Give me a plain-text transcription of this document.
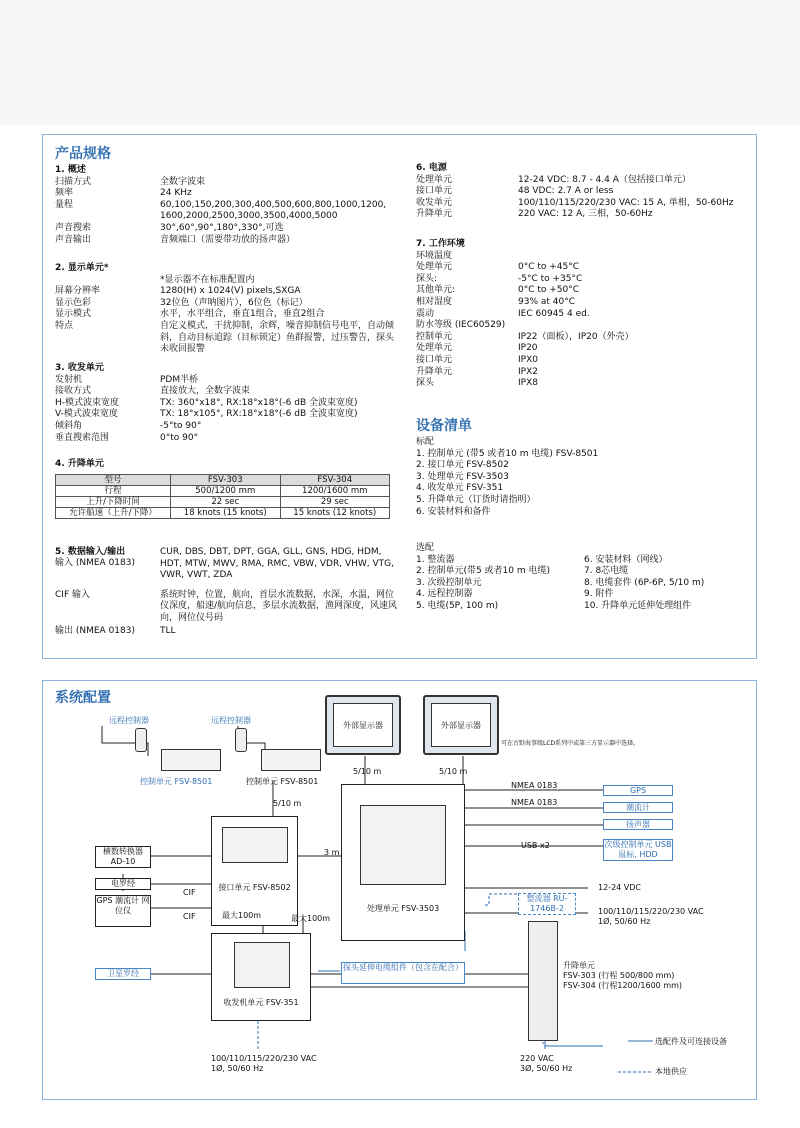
产品规格
1. 概述
扫描方式	全数字波束
频率	24 KHz
量程	60,100,150,200,300,400,500,600,800,1000,1200, 1600,2000,2500,3000,3500,4000,5000
声音搜索	30°,60°,90°,180°,330°,可选
声音输出	音频端口（需要带功放的扬声器）
2. 显示单元*
*显示器不在标准配置内
屏幕分辨率	1280(H) x 1024(V) pixels,SXGA
显示色彩	32位色（声呐图片），6位色（标记）
显示模式	水平，水平组合，垂直1组合，垂直2组合
特点	自定义模式，干扰抑制，余辉，噪音抑制信号电平，自动倾斜，自动目标追踪（目标锁定）鱼群报警，过压警告，探头未收回报警
3. 收发单元
发射机	PDM半桥
接收方式	直接放大，全数字波束
H-模式波束宽度	TX: 360°x18°, RX:18°x18°(-6 dB 全波束宽度)
V-模式波束宽度	TX: 18°x105°, RX:18°x18°(-6 dB 全波束宽度)
倾斜角	-5°to 90°
垂直搜索范围	0°to 90°
4. 升降单元
型号	FSV-303	FSV-304
行程	500/1200 mm	1200/1600 mm
上升/下降时间	22 sec	29 sec
允许船速（上升/下降）	18 knots (15 knots)	15 knots (12 knots)
5. 数据输入/输出
输入 (NMEA 0183)
CUR, DBS, DBT, DPT, GGA, GLL, GNS, HDG, HDM, HDT, MTW, MWV, RMA, RMC, VBW, VDR, VHW, VTG, VWR, VWT, ZDA
CIF 输入	系统时钟，位置，航向，首层水流数据，水深，水温，网位仪深度，船速/航向信息，多层水流数据，渔网深度，风速风向，网位仪号码
输出 (NMEA 0183)	TLL
6. 电源
处理单元	12-24 VDC: 8.7 - 4.4 A（包括接口单元）
接口单元	48 VDC: 2.7 A or less
收发单元	100/110/115/220/230 VAC: 15 A, 单相，50-60Hz
升降单元	220 VAC: 12 A, 三相，50-60Hz
7. 工作环境
环境温度
处理单元	0°C to +45°C
探头:	-5°C to +35°C
其他单元:	0°C to +50°C
相对湿度	93% at 40°C
震动	IEC 60945 4 ed.
防水等级 (IEC60529)
控制单元	IP22（面板），IP20（外壳）
处理单元	IP20
接口单元	IPX0
升降单元	IPX2
探头	IPX8
设备清单
标配
1. 控制单元 (带5 或者10 m 电缆) FSV-8501
2. 接口单元 FSV-8502
3. 处理单元 FSV-3503
4. 收发单元 FSV-351
5. 升降单元（订货时请指明）
6. 安装材料和备件
选配
1. 整流器
2. 控制单元(带5 或者10 m 电缆)
3. 次级控制单元
4. 远程控制器
5. 电缆(5P, 100 m)
6. 安装材料（网线）
7. 8芯电缆
8. 电缆套件 (6P-6P, 5/10 m)
9. 附件
10. 升降单元延伸处理组件
系统配置
远程控制器	远程控制器
控制单元 FSV-8501	控制单元 FSV-8501
5/10 m
外部显示器	外部显示器
可在古野海事级LCD系列中或第三方显示器中选择。
5/10 m	5/10 m
处理单元 FSV-3503
NMEA 0183
NMEA 0183
GPS
潮流计
扬声器
USB x2	次级控制单元 USB鼠标, HDD
12-24 VDC
整流器 RU-1746B-2	100/110/115/220/230 VAC
1Ø, 50/60 Hz
横数转换器 AD-10
电罗经
GPS 潮流计 网位仪
CIF
CIF
接口单元 FSV-8502
最大100m
3 m
最大100m
收发机单元 FSV-351
卫星罗经
探头延伸电缆组件（包含在配合）	升降单元
FSV-303 (行程 500/800 mm)
FSV-304 (行程1200/1600 mm)
100/110/115/220/230 VAC
1Ø, 50/60 Hz
220 VAC
3Ø, 50/60 Hz
选配件及可连接设备
本地供应
